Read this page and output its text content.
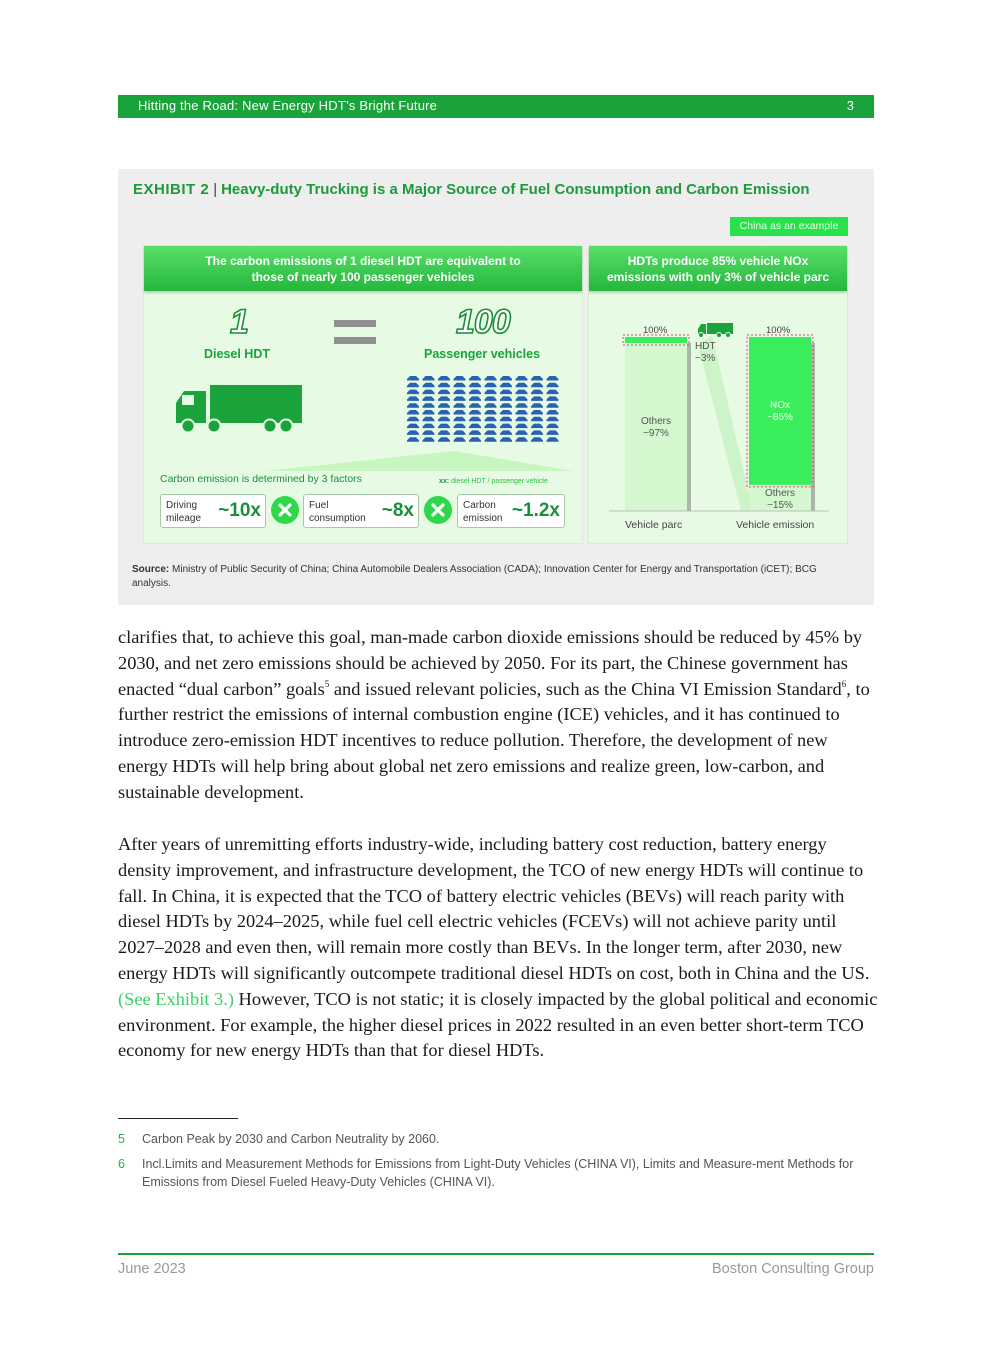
Hitting the Road: New Energy HDT’s Bright Future	3
EXHIBIT 2 | Heavy-duty Trucking is a Major Source of Fuel Consumption and Carbon Emission
China as an example
The carbon emissions of 1 diesel HDT are equivalent to
those of nearly 100 passenger vehicles
1
Diesel HDT
100
Passenger vehicles
Carbon emission is determined by 3 factors	xx: diesel HDT / passenger vehicle
Driving
mileage ~10x	Fuel
consumption ~8x	Carbon
emission ~1.2x
HDTs produce 85% vehicle NOx
emissions with only 3% of vehicle parc
100%
HDT
~3%
Others
~97%
Vehicle parc
100%
NOx
~85%
Others
~15%
Vehicle emission
Source: Ministry of Public Security of China; China Automobile Dealers Association (CADA); Innovation Center for Energy and Transportation (iCET); BCG analysis.
clarifies that, to achieve this goal, man-made carbon dioxide emissions should be reduced by 45% by 2030, and net zero emissions should be achieved by 2050. For its part, the Chinese government has enacted “dual carbon” goals$^5$ and issued relevant policies, such as the China VI Emission Standard$^6$, to further restrict the emissions of internal combustion engine (ICE) vehicles, and it has continued to introduce zero-emission HDT incentives to reduce pollution. Therefore, the development of new energy HDTs will help bring about global net zero emissions and realize green, low-carbon, and sustainable development.
After years of unremitting efforts industry-wide, including battery cost reduction, battery energy density improvement, and infrastructure development, the TCO of new energy HDTs will continue to fall. In China, it is expected that the TCO of battery electric vehicles (BEVs) will reach parity with diesel HDTs by 2024–2025, while fuel cell electric vehicles (FCEVs) will not achieve parity until 2027–2028 and even then, will remain more costly than BEVs. In the longer term, after 2030, new energy HDTs will significantly outcompete traditional diesel HDTs on cost, both in China and the US. (See Exhibit 3.) However, TCO is not static; it is closely impacted by the global political and economic environment. For example, the higher diesel prices in 2022 resulted in an even better short-term TCO economy for new energy HDTs than that for diesel HDTs.
5 Carbon Peak by 2030 and Carbon Neutrality by 2060.
6 Incl.Limits and Measurement Methods for Emissions from Light-Duty Vehicles (CHINA VI), Limits and Measure-ment Methods for Emissions from Diesel Fueled Heavy-Duty Vehicles (CHINA VI).
June 2023	Boston Consulting Group
